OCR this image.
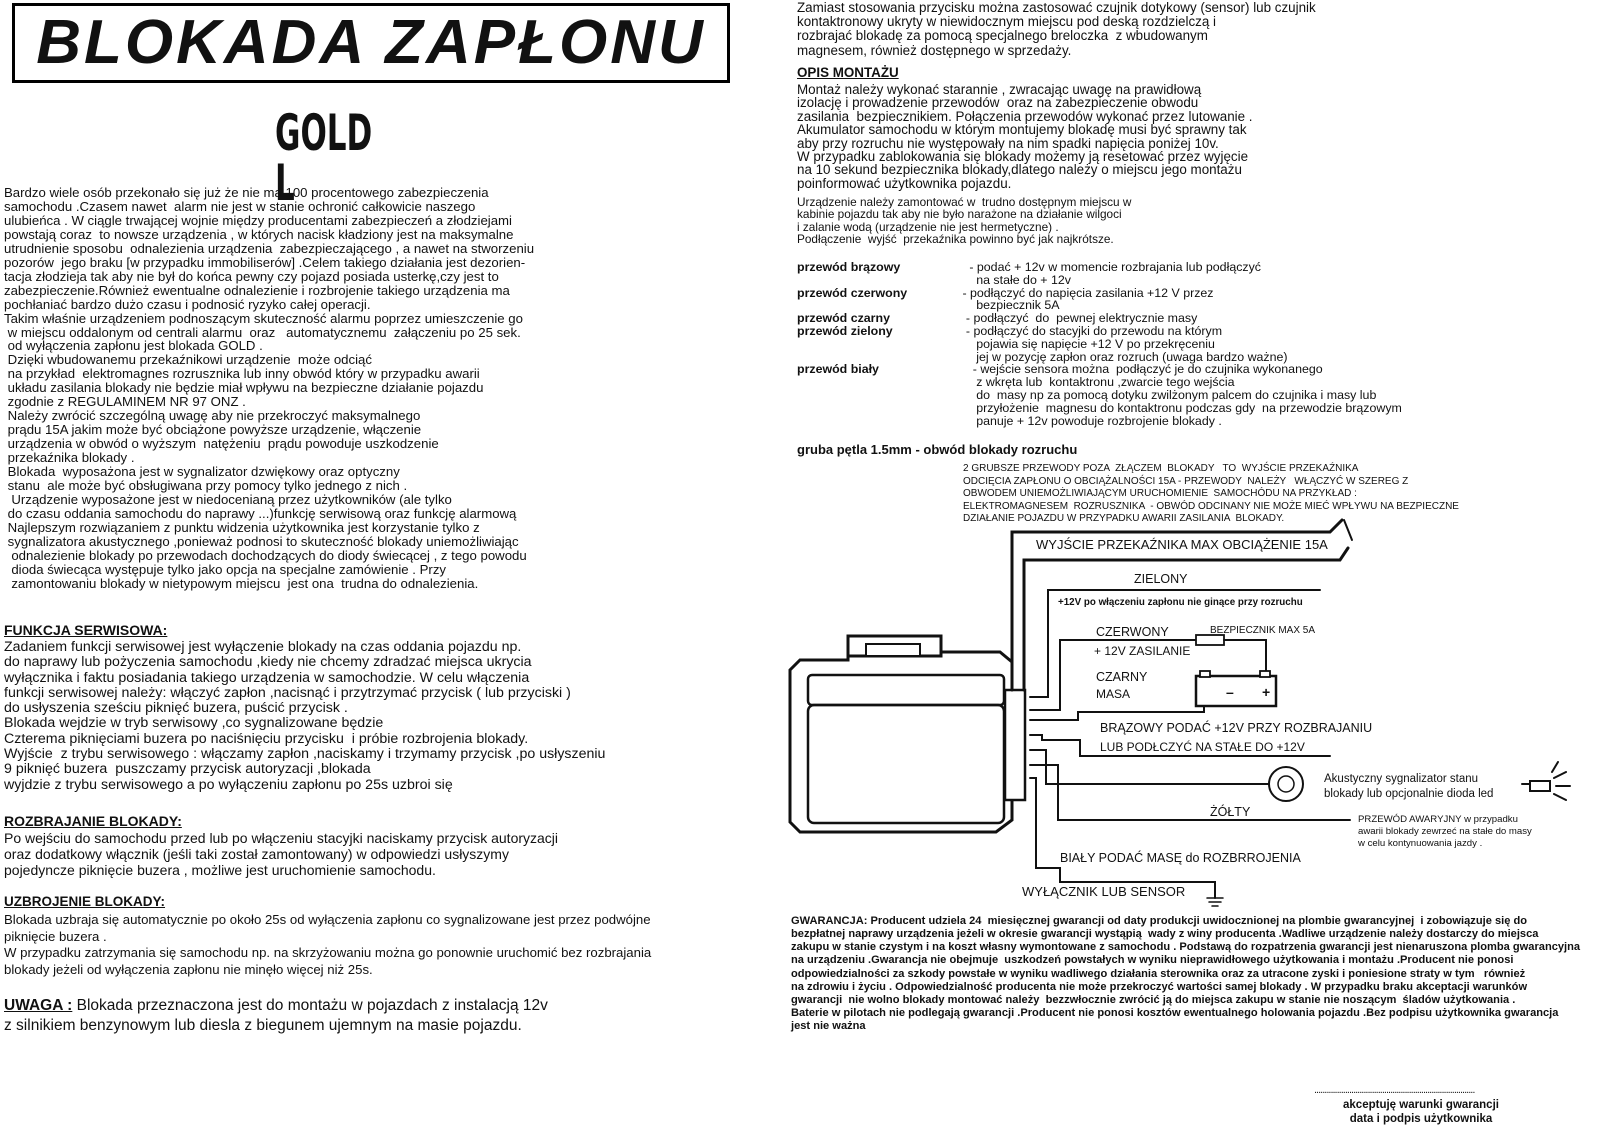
BLOKADA ZAPŁONU
GOLD L
Bardzo wiele osób przekonało się już że nie ma 100 procentowego zabezpieczenia
samochodu .Czasem nawet  alarm nie jest w stanie ochronić całkowicie naszego
ulubieńca . W ciągle trwającej wojnie między producentami zabezpieczeń a złodziejami
powstają coraz  to nowsze urządzenia , w których nacisk kładziony jest na maksymalne
utrudnienie sposobu  odnalezienia urządzenia  zabezpieczającego , a nawet na stworzeniu
pozorów  jego braku [w przypadku immobiliserów] .Celem takiego działania jest dezorien-
tacja złodzieja tak aby nie był do końca pewny czy pojazd posiada usterkę,czy jest to
zabezpieczenie.Również ewentualne odnalezienie i rozbrojenie takiego urządzenia ma
pochłaniać bardzo dużo czasu i podnosić ryzyko całej operacji.
Takim właśnie urządzeniem podnoszącym skuteczność alarmu poprzez umieszczenie go
w miejscu oddalonym od centrali alarmu  oraz   automatycznemu  załączeniu po 25 sek.
od wyłączenia zapłonu jest blokada GOLD .
Dzięki wbudowanemu przekaźnikowi urządzenie  może odciąć
na przykład  elektromagnes rozrusznika lub inny obwód który w przypadku awarii
układu zasilania blokady nie będzie miał wpływu na bezpieczne działanie pojazdu
zgodnie z REGULAMINEM NR 97 ONZ .
Należy zwrócić szczególną uwagę aby nie przekroczyć maksymalnego
prądu 15A jakim może być obciążone powyższe urządzenie, włączenie
urządzenia w obwód o wyższym  natężeniu  prądu powoduje uszkodzenie
przekaźnika blokady .
Blokada  wyposażona jest w sygnalizator dzwiękowy oraz optyczny
stanu  ale może być obsługiwana przy pomocy tylko jednego z nich .
Urządzenie wyposażone jest w niedocenianą przez użytkowników (ale tylko
do czasu oddania samochodu do naprawy ...)funkcję serwisową oraz funkcję alarmową
Najlepszym rozwiązaniem z punktu widzenia użytkownika jest korzystanie tylko z
sygnalizatora akustycznego ,ponieważ podnosi to skuteczność blokady uniemożliwiając
odnalezienie blokady po przewodach dochodzących do diody świecącej , z tego powodu
dioda świecąca występuje tylko jako opcja na specjalne zamówienie . Przy
zamontowaniu blokady w nietypowym miejscu  jest ona  trudna do odnalezienia.
FUNKCJA SERWISOWA:
Zadaniem funkcji serwisowej jest wyłączenie blokady na czas oddania pojazdu np.
do naprawy lub pożyczenia samochodu ,kiedy nie chcemy zdradzać miejsca ukrycia
wyłącznika i faktu posiadania takiego urządzenia w samochodzie. W celu włączenia
funkcji serwisowej należy: włączyć zapłon ,nacisnąć i przytrzymać przycisk ( lub przyciski )
do usłyszenia sześciu piknięć buzera, puścić przycisk .
Blokada wejdzie w tryb serwisowy ,co sygnalizowane będzie
Czterema piknięciami buzera po naciśnięciu przycisku  i próbie rozbrojenia blokady.
Wyjście  z trybu serwisowego : włączamy zapłon ,naciskamy i trzymamy przycisk ,po usłyszeniu
9 piknięć buzera  puszczamy przycisk autoryzacji ,blokada
wyjdzie z trybu serwisowego a po wyłączeniu zapłonu po 25s uzbroi się
ROZBRAJANIE BLOKADY:
Po wejściu do samochodu przed lub po włączeniu stacyjki naciskamy przycisk autoryzacji
oraz dodatkowy włącznik (jeśli taki został zamontowany) w odpowiedzi usłyszymy
pojedyncze piknięcie buzera , możliwe jest uruchomienie samochodu.
UZBROJENIE BLOKADY:
Blokada uzbraja się automatycznie po około 25s od wyłączenia zapłonu co sygnalizowane jest przez podwójne
piknięcie buzera .
W przypadku zatrzymania się samochodu np. na skrzyżowaniu można go ponownie uruchomić bez rozbrajania
blokady jeżeli od wyłączenia zapłonu nie minęło więcej niż 25s.
UWAGA : Blokada przeznaczona jest do montażu w pojazdach z instalacją 12v
z silnikiem benzynowym lub diesla z biegunem ujemnym na masie pojazdu.
Zamiast stosowania przycisku można zastosować czujnik dotykowy (sensor) lub czujnik
kontaktronowy ukryty w niewidocznym miejscu pod deską rozdzielczą i
rozbrajać blokadę za pomocą specjalnego breloczka  z wbudowanym
magnesem, również dostępnego w sprzedaży.
OPIS MONTAŻU
Montaż należy wykonać starannie , zwracając uwagę na prawidłową
izolację i prowadzenie przewodów  oraz na zabezpieczenie obwodu
zasilania  bezpiecznikiem. Połączenia przewodów wykonać przez lutowanie .
Akumulator samochodu w którym montujemy blokadę musi być sprawny tak
aby przy rozruchu nie występowały na nim spadki napięcia poniżej 10v.
W przypadku zablokowania się blokady możemy ją resetować przez wyjęcie
na 10 sekund bezpiecznika blokady,dlatego należy o miejscu jego montażu
poinformować użytkownika pojazdu.
Urządzenie należy zamontować w  trudno dostępnym miejscu w
kabinie pojazdu tak aby nie było narażone na działanie wilgoci
i zalanie wodą (urządzenie nie jest hermetyczne) .
Podłączenie  wyjść  przekaźnika powinno być jak najkrótsze.
przewód brązowy	- podać + 12v w momencie rozbrajania lub podłączyć
na stałe do + 12v
przewód czerwony	- podłączyć do napięcia zasilania +12 V przez
bezpiecznik 5A
przewód czarny	- podłączyć  do  pewnej elektrycznie masy
przewód zielony	- podłączyć do stacyjki do przewodu na którym
pojawia się napięcie +12 V po przekręceniu
jej w pozycję zapłon oraz rozruch (uwaga bardzo ważne)
przewód biały	- wejście sensora można  podłączyć je do czujnika wykonanego
z wkręta lub  kontaktronu ,zwarcie tego wejścia
do  masy np za pomocą dotyku zwilżonym palcem do czujnika i masy lub
przyłożenie  magnesu do kontaktronu podczas gdy  na przewodzie brązowym
panuje + 12v powoduje rozbrojenie blokady .
gruba pętla 1.5mm - obwód blokady rozruchu
2 GRUBSZE PRZEWODY POZA  ZŁĄCZEM  BLOKADY   TO  WYJŚCIE PRZEKAŹNIKA
ODCIĘCIA ZAPŁONU O OBCIĄŻALNOŚCI 15A - PRZEWODY  NALEŻY   WŁĄCZYĆ W SZEREG Z
OBWODEM UNIEMOŻLIWIAJĄCYM URUCHOMIENIE  SAMOCHÓDU NA PRZYKŁAD :
ELEKTROMAGNESEM  ROZRUSZNIKA  - OBWÓD ODCINANY NIE MOŻE MIEĆ WPŁYWU NA BEZPIECZNE
DZIAŁANIE POJAZDU W PRZYPADKU AWARII ZASILANIA  BLOKADY.
WYJŚCIE PRZEKAŹNIKA MAX OBCIĄŻENIE 15A
ZIELONY
+12V po włączeniu zapłonu nie ginące przy rozruchu
CZERWONY
+ 12V ZASILANIE
BEZPIECZNIK MAX 5A
CZARNY
MASA	– +
BRĄZOWY PODAĆ +12V PRZY ROZBRAJANIU
LUB PODŁCZYĆ NA STAŁE DO +12V
Akustyczny sygnalizator stanu
blokady lub opcjonalnie dioda led
ŻÓŁTY
PRZEWÓD AWARYJNY w przypadku
awarii blokady zewrzeć na stałe do masy
w celu kontynuowania jazdy .
BIAŁY PODAĆ MASĘ do ROZBRROJENIA
WYŁĄCZNIK LUB SENSOR
GWARANCJA: Producent udziela 24  miesięcznej gwarancji od daty produkcji uwidocznionej na plombie gwarancyjnej  i zobowiązuje się do
bezpłatnej naprawy urządzenia jeżeli w okresie gwarancji wystąpią  wady z winy producenta .Wadliwe urządzenie należy dostarczy do miejsca
zakupu w stanie czystym i na koszt własny wymontowane z samochodu . Podstawą do rozpatrzenia gwarancji jest nienaruszona plomba gwarancyjna
na urządzeniu .Gwarancja nie obejmuje  uszkodzeń powstałych w wyniku nieprawidłowego użytkowania i montażu .Producent nie ponosi
odpowiedzialności za szkody powstałe w wyniku wadliwego działania sterownika oraz za utracone zyski i poniesione straty w tym   również
na zdrowiu i życiu . Odpowiedzialność producenta nie może przekroczyć wartości samej blokady . W przypadku braku akceptacji warunków
gwarancji  nie wolno blokady montować należy  bezzwłocznie zwrócić ją do miejsca zakupu w stanie nie noszącym  śladów użytkowania .
Baterie w pilotach nie podlegają gwarancji .Producent nie ponosi kosztów ewentualnego holowania pojazdu .Bez podpisu użytkownika gwarancja
jest nie ważna
..............................................................................
akceptuję warunki gwarancji
data i podpis użytkownika
